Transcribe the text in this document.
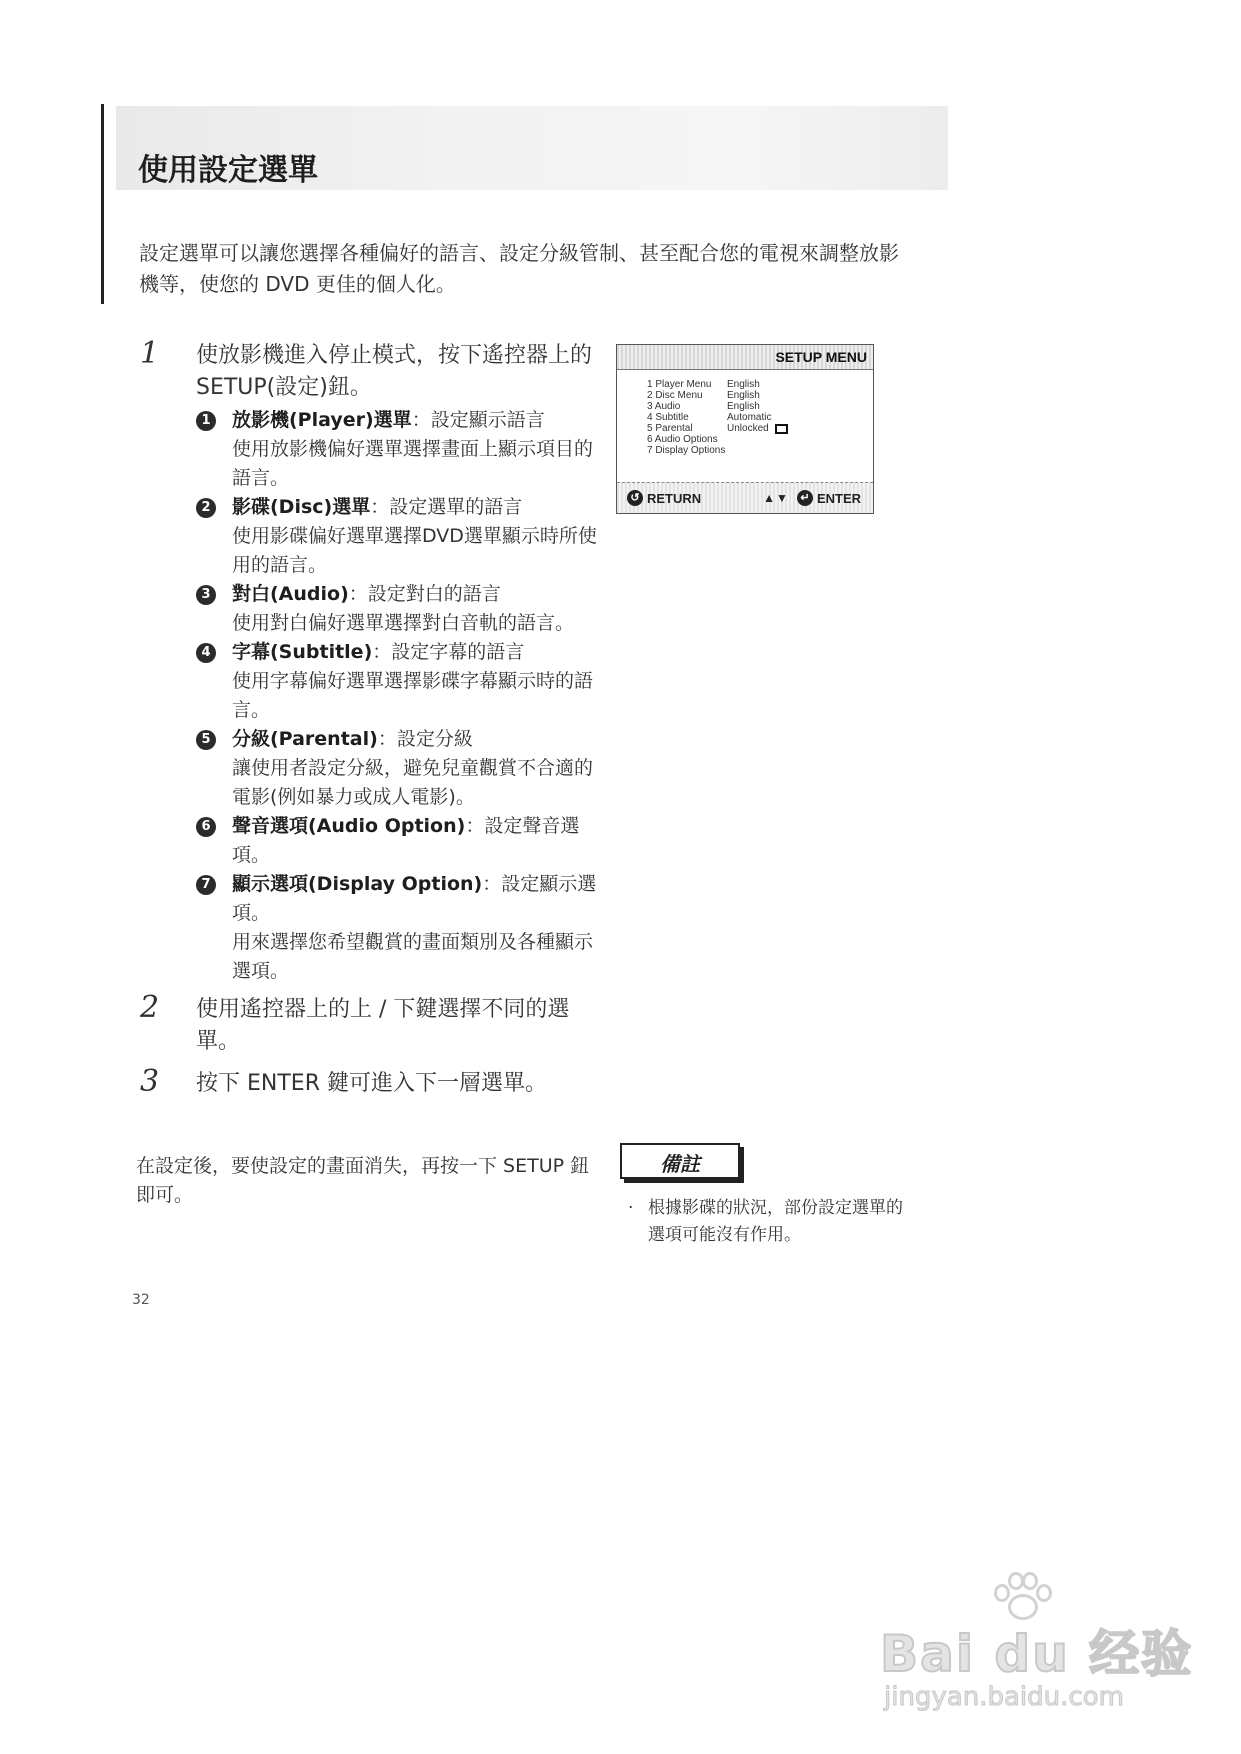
使用設定選單

設定選單可以讓您選擇各種偏好的語言、設定分級管制、甚至配合您的電視來調整放影機等，使您的 DVD 更佳的個人化。

1 使放影機進入停止模式，按下遙控器上的 SETUP(設定)鈕。
1 放影機(Player)選單：設定顯示語言
使用放影機偏好選單選擇畫面上顯示項目的語言。
2 影碟(Disc)選單：設定選單的語言
使用影碟偏好選單選擇DVD選單顯示時所使用的語言。
3 對白(Audio)：設定對白的語言
使用對白偏好選單選擇對白音軌的語言。
4 字幕(Subtitle)：設定字幕的語言
使用字幕偏好選單選擇影碟字幕顯示時的語言。
5 分級(Parental)：設定分級
讓使用者設定分級，避免兒童觀賞不合適的電影(例如暴力或成人電影)。
6 聲音選項(Audio Option)：設定聲音選項。
7 顯示選項(Display Option)：設定顯示選項。
用來選擇您希望觀賞的畫面類別及各種顯示選項。
2 使用遙控器上的上 / 下鍵選擇不同的選單。
3 按下 ENTER 鍵可進入下一層選單。

在設定後，要使設定的畫面消失，再按一下 SETUP 鈕即可。

SETUP MENU
1 Player Menu	English
2 Disc Menu	English
3 Audio	English
4 Subtitle	Automatic
5 Parental	Unlocked
6 Audio Options
7 Display Options
↺ RETURN	▲▼	↵ ENTER
備註

· 根據影碟的狀況，部份設定選單的選項可能沒有作用。

32
Bai du 经验
jingyan.baidu.com
